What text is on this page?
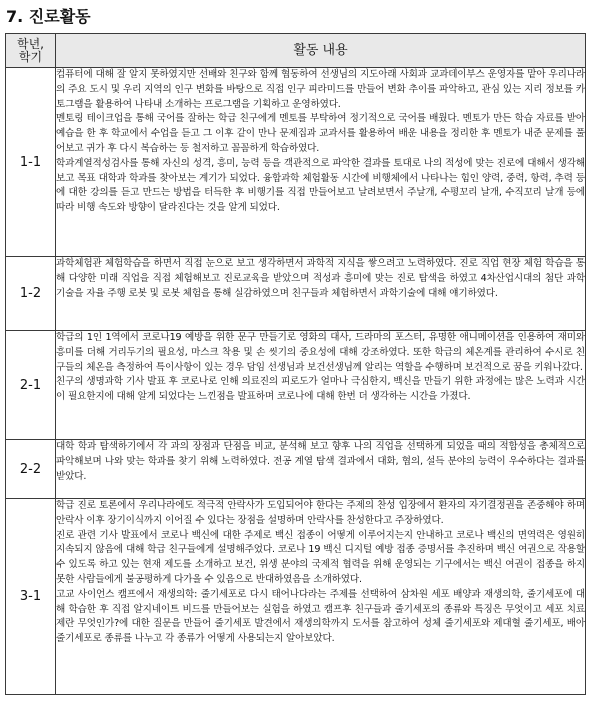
7. 진로활동
학년,
학기	활동 내용
1-1	컴퓨터에 대해 잘 알지 못하였지만 선배와 친구와 함께 협동하여 선생님의 지도아래 사회과 교과데이부스 운영자를 맡아 우리나라의 주요 도시 및 우리 지역의 인구 변화를 바탕으로 직접 인구 피라미드를 만들어 변화 추이를 파악하고, 관심 있는 지리 정보를 카토그램을 활용하여 나타내 소개하는 프로그램을 기획하고 운영하였다.

멘토링 테이크업을 통해 국어를 잘하는 학급 친구에게 멘토를 부탁하여 정기적으로 국어를 배웠다. 멘토가 만든 학습 자료를 받아 예습을 한 후 학교에서 수업을 듣고 그 이후 같이 만나 문제집과 교과서를 활용하여 배운 내용을 정리한 후 멘토가 내준 문제를 풀어보고 귀가 후 다시 복습하는 등 철저하고 꼼꼼하게 학습하였다.

학과계열적성검사를 통해 자신의 성격, 흥미, 능력 등을 객관적으로 파악한 결과를 토대로 나의 적성에 맞는 진로에 대해서 생각해보고 목표 대학과 학과를 찾아보는 계기가 되었다. 융합과학 체험활동 시간에 비행체에서 나타나는 힘인 양력, 중력, 항력, 추력 등에 대한 강의를 듣고 만드는 방법을 터득한 후 비행기를 직접 만들어보고 날려보면서 주날개, 수평꼬리 날개, 수직꼬리 날개 등에 따라 비행 속도와 방향이 달라진다는 것을 알게 되었다.

1-2	과학체험관 체험학습을 하면서 직접 눈으로 보고 생각하면서 과학적 지식을 쌓으려고 노력하였다. 진로 직업 현장 체험 학습을 통해 다양한 미래 직업을 직접 체험해보고 진로교육을 받았으며 적성과 흥미에 맞는 진로 탐색을 하였고 4차산업시대의 첨단 과학 기술을 자율 주행 로봇 및 로봇 체험을 통해 실감하였으며 친구들과 체험하면서 과학기술에 대해 얘기하였다.

2-1	학급의 1인 1역에서 코로나19 예방을 위한 문구 만들기로 영화의 대사, 드라마의 포스터, 유명한 애니메이션을 인용하여 재미와 흥미를 더해 거리두기의 필요성, 마스크 착용 및 손 씻기의 중요성에 대해 강조하였다. 또한 학급의 체온계를 관리하여 수시로 친구들의 체온을 측정하여 특이사항이 있는 경우 담임 선생님과 보건선생님께 알리는 역할을 수행하며 보건적으로 꿈을 키워나갔다.

친구의 생명과학 기사 발표 후 코로나로 인해 의료진의 피로도가 얼마나 극심한지, 백신을 만들기 위한 과정에는 많은 노력과 시간이 필요한지에 대해 알게 되었다는 느낀점을 발표하며 코로나에 대해 한번 더 생각하는 시간을 가졌다.

2-2	대학 학과 탐색하기에서 각 과의 장점과 단점을 비교, 분석해 보고 향후 나의 직업을 선택하게 되었을 때의 적합성을 총체적으로 파악해보며 나와 맞는 학과를 찾기 위해 노력하였다. 전공 계열 탐색 결과에서 대화, 협의, 설득 분야의 능력이 우수하다는 결과를 받았다.

3-1	학급 진로 토론에서 우리나라에도 적극적 안락사가 도입되어야 한다는 주제의 찬성 입장에서 환자의 자기결정권을 존중해야 하며 안락사 이후 장기이식까지 이어질 수 있다는 장점을 설명하며 안락사를 찬성한다고 주장하였다.

진로 관련 기사 발표에서 코로나 백신에 대한 주제로 백신 접종이 어떻게 이루어지는지 안내하고 코로나 백신의 면역력은 영원히 지속되지 않음에 대해 학급 친구들에게 설명해주었다. 코로나 19 백신 디지털 예방 접종 증명서를 추진하며 백신 여권으로 작용할 수 있도록 하고 있는 현재 제도를 소개하고 보건, 위생 분야의 국제적 협력을 위해 운영되는 기구에서는 백신 여권이 접종을 하지 못한 사람들에게 불공평하게 다가올 수 있음으로 반대하였음을 소개하였다.

고교 사이언스 캠프에서 재생의학: 줄기세포로 다시 태어나다라는 주제를 선택하여 삼차원 세포 배양과 재생의학, 줄기세포에 대해 학습한 후 직접 알지네이트 비드를 만들어보는 실험을 하였고 캠프후 친구들과 줄기세포의 종류와 특징은 무엇이고 세포 치료제란 무엇인가?에 대한 질문을 만들어 줄기세포 발견에서 재생의학까지 도서를 참고하여 성체 줄기세포와 제대혈 줄기세포, 배아 줄기세포로 종류를 나누고 각 종류가 어떻게 사용되는지 알아보았다.
